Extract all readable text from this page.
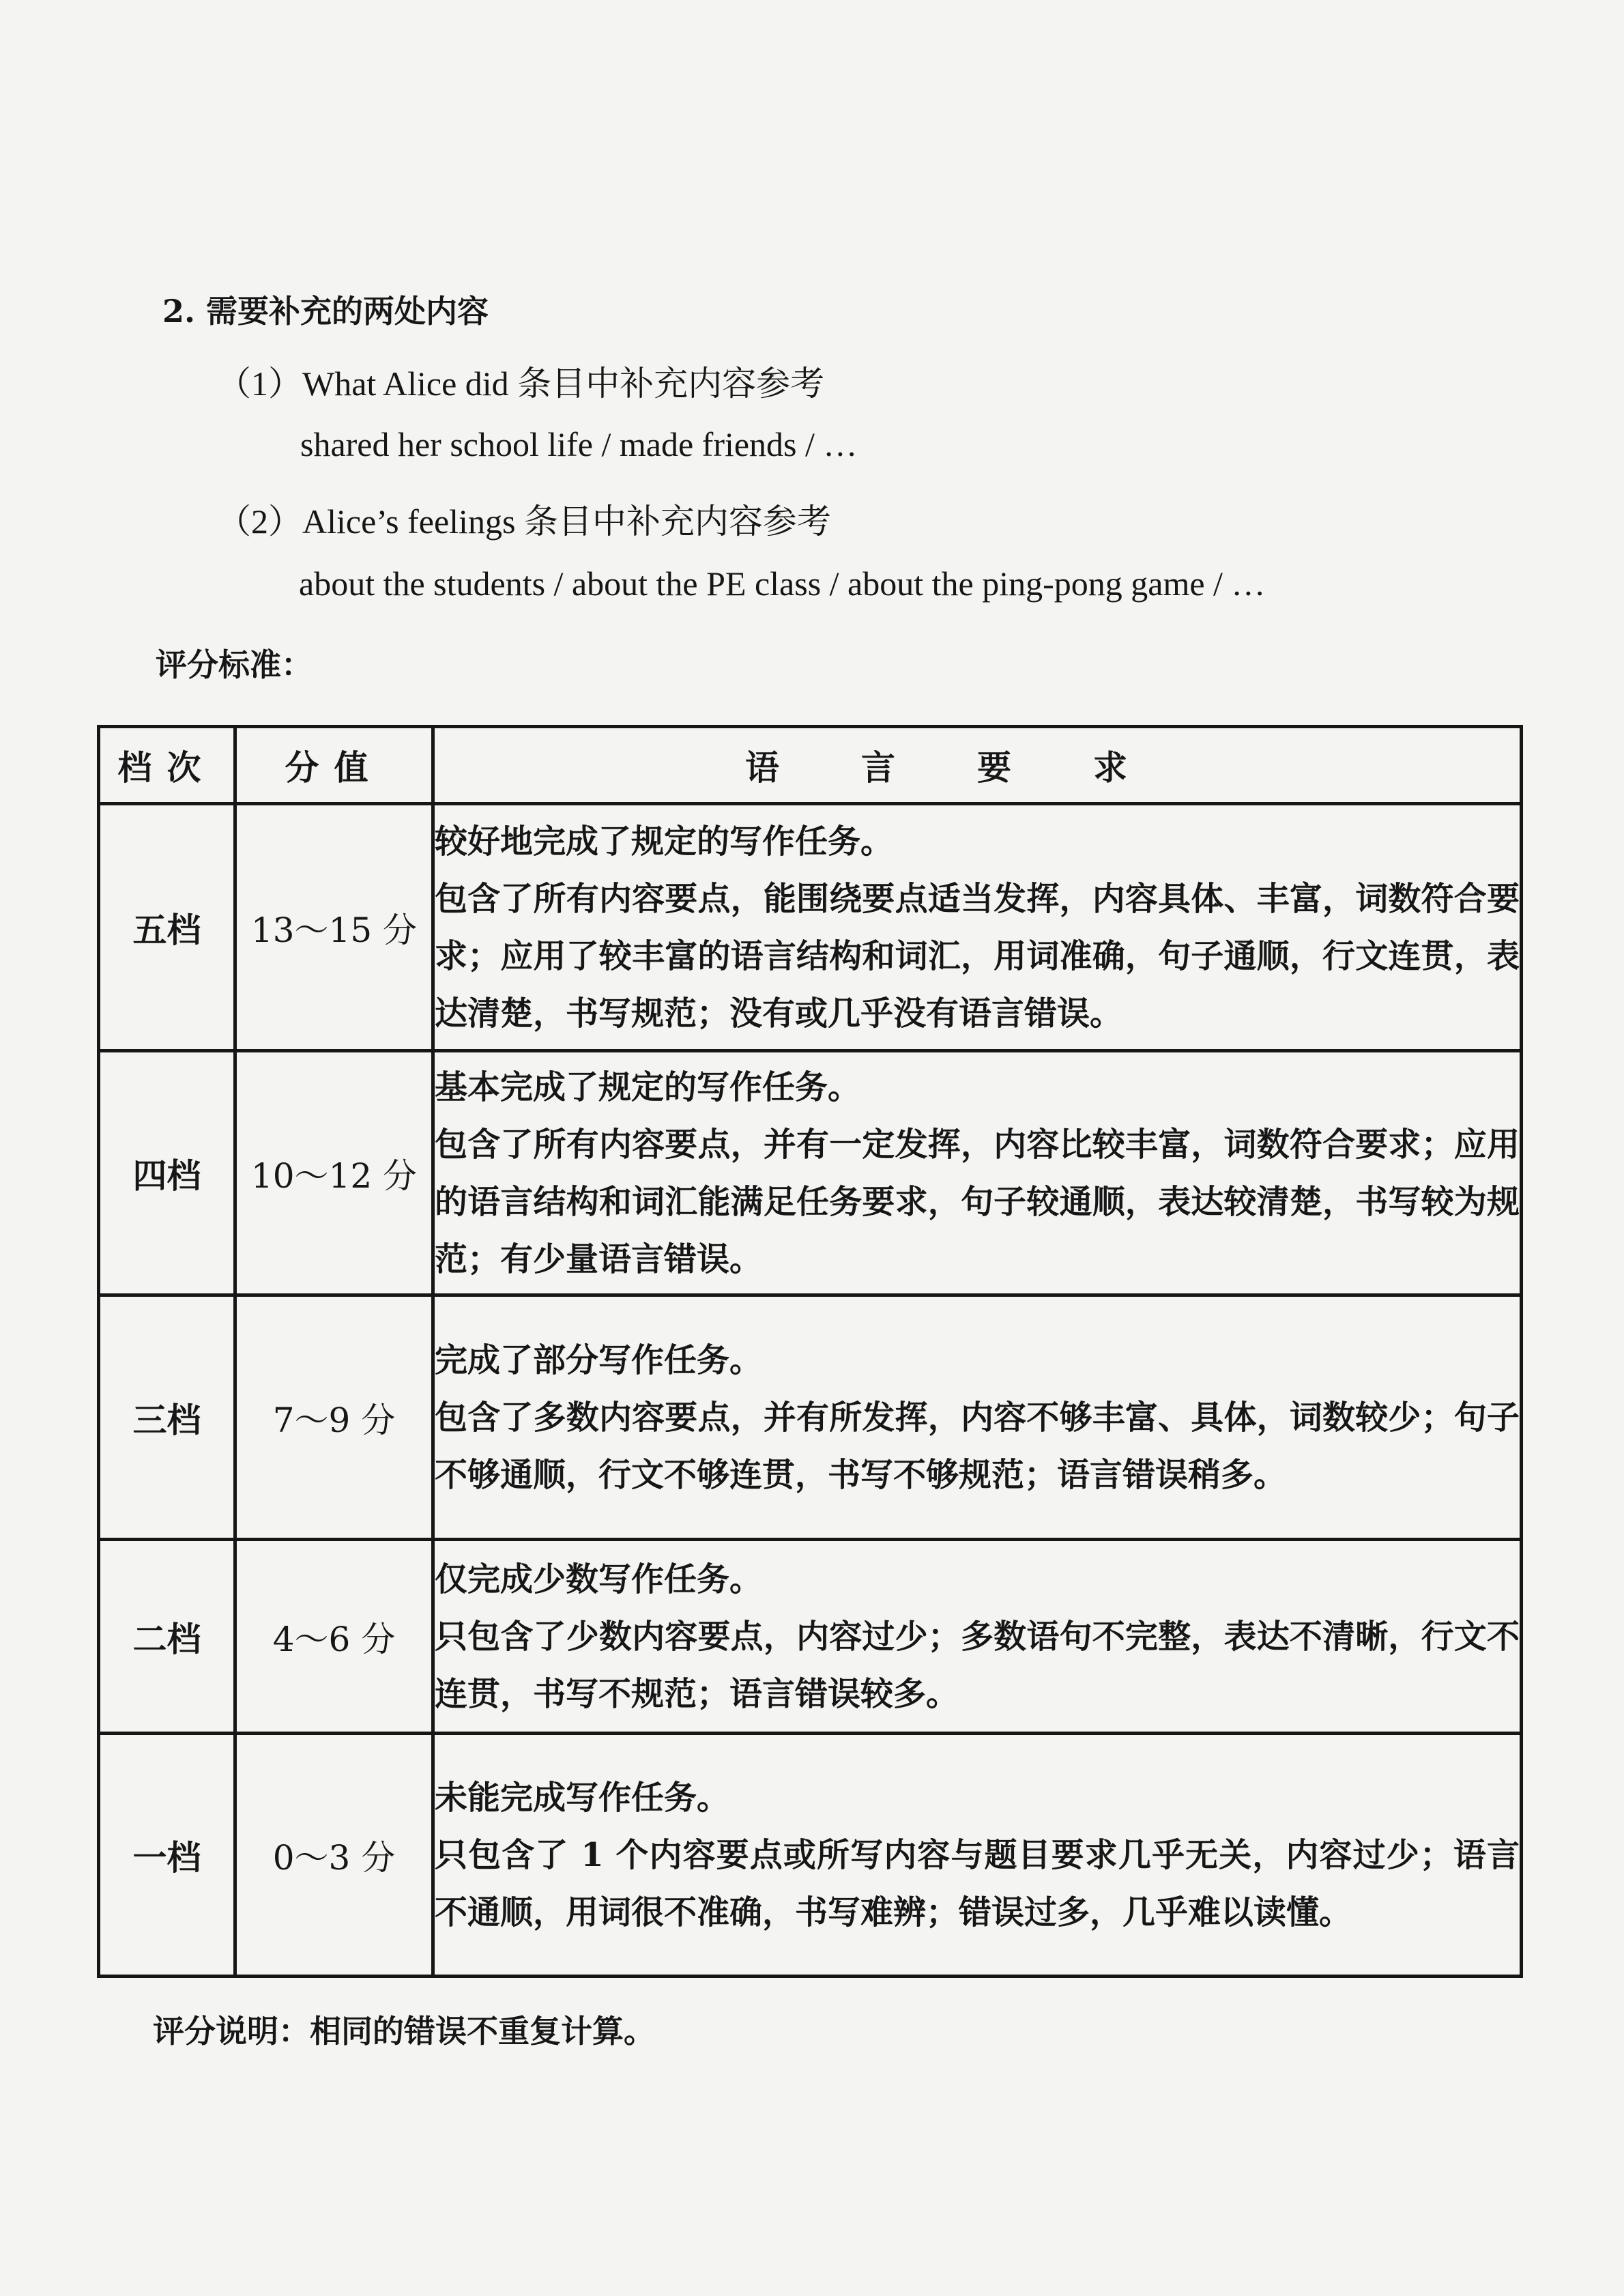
2. 需要补充的两处内容
（1）What Alice did 条目中补充内容参考
shared her school life / made friends / …
（2）Alice’s feelings 条目中补充内容参考
about the students / about the PE class / about the ping-pong game / …
评分标准：
档次	分值	语言要求
五档	13～15 分	较好地完成了规定的写作任务。
包含了所有内容要点，能围绕要点适当发挥，内容具体、丰富，词数符合要求；应用了较丰富的语言结构和词汇，用词准确，句子通顺，行文连贯，表达清楚，书写规范；没有或几乎没有语言错误。
四档	10～12 分	基本完成了规定的写作任务。
包含了所有内容要点，并有一定发挥，内容比较丰富，词数符合要求；应用的语言结构和词汇能满足任务要求，句子较通顺，表达较清楚，书写较为规范；有少量语言错误。
三档	7～9 分	完成了部分写作任务。
包含了多数内容要点，并有所发挥，内容不够丰富、具体，词数较少；句子不够通顺，行文不够连贯，书写不够规范；语言错误稍多。
二档	4～6 分	仅完成少数写作任务。
只包含了少数内容要点，内容过少；多数语句不完整，表达不清晰，行文不连贯，书写不规范；语言错误较多。
一档	0～3 分	未能完成写作任务。
只包含了 1 个内容要点或所写内容与题目要求几乎无关，内容过少；语言不通顺，用词很不准确，书写难辨；错误过多，几乎难以读懂。
评分说明：相同的错误不重复计算。
